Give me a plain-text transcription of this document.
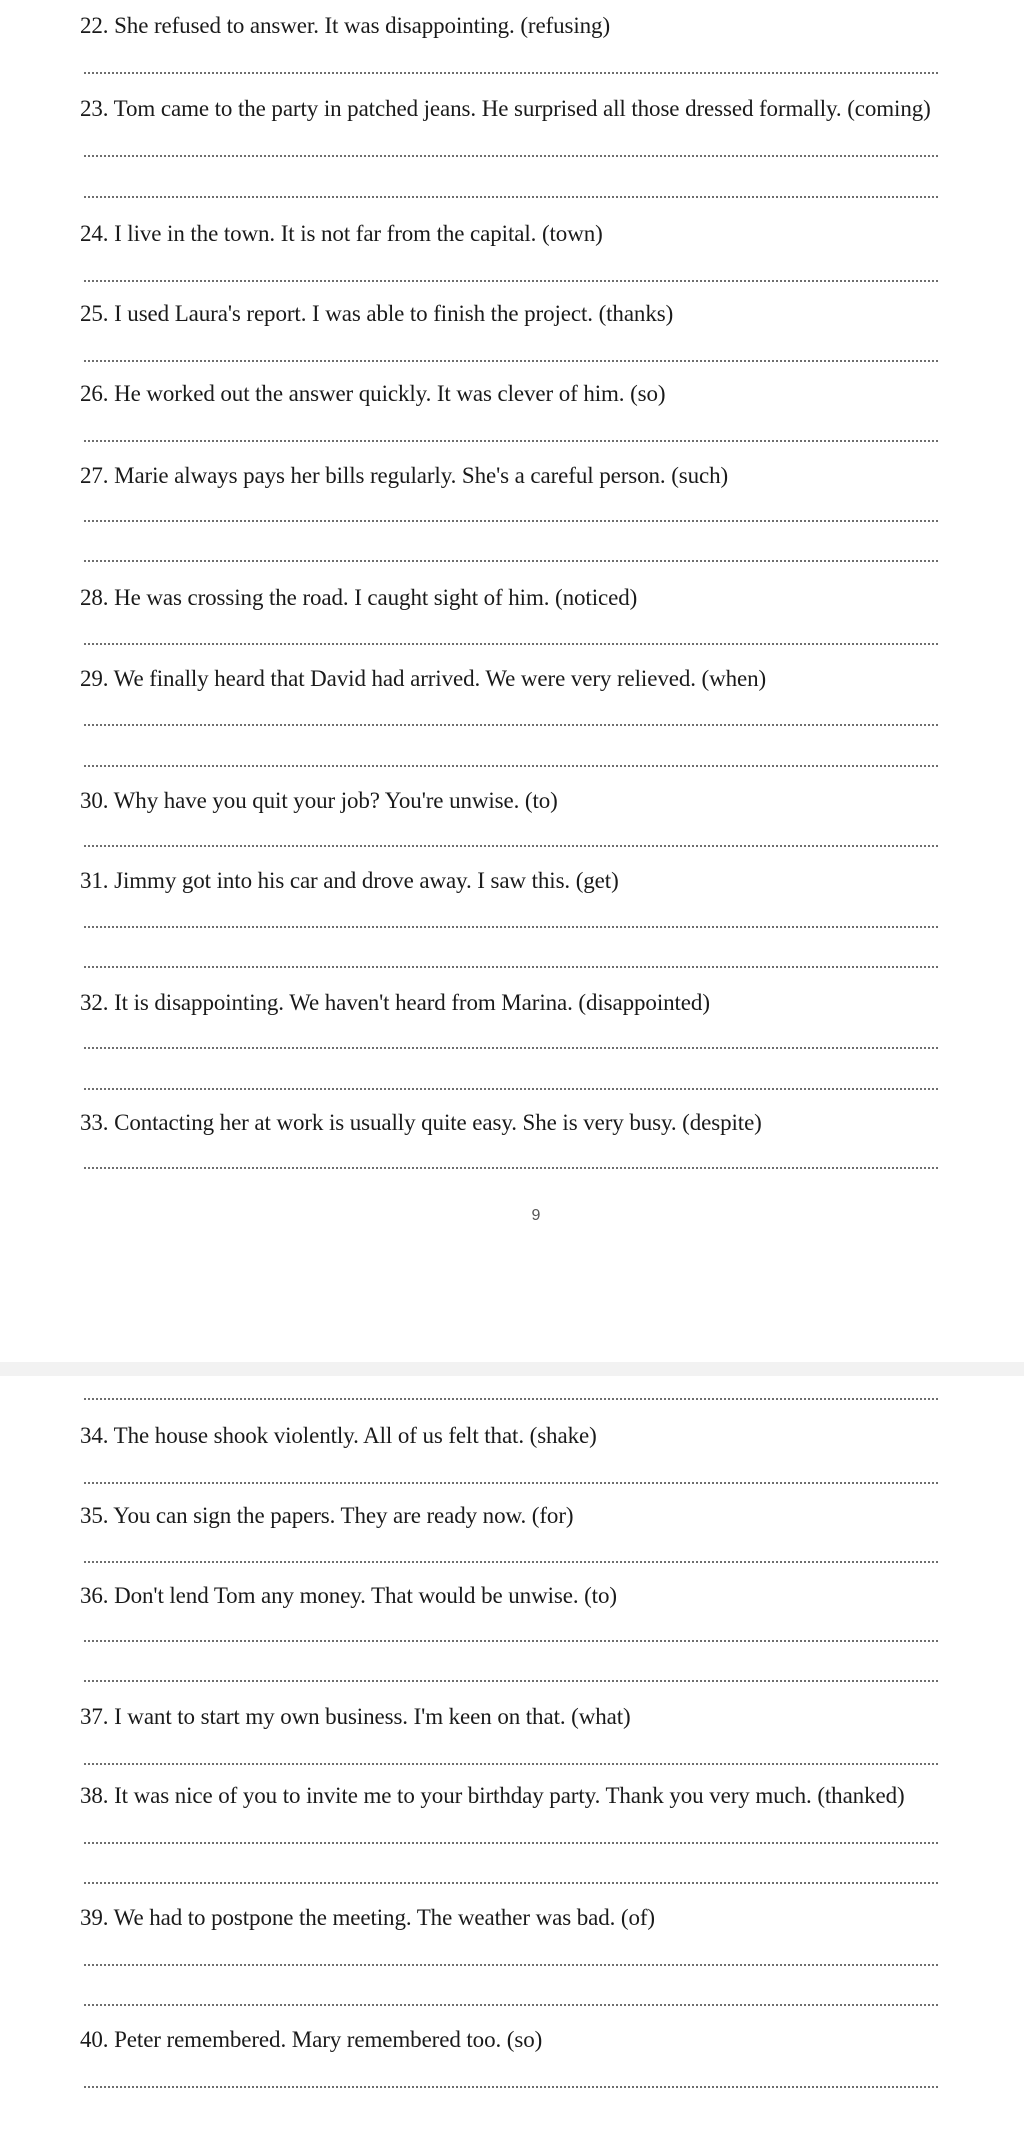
22. She refused to answer. It was disappointing. (refusing)
23. Tom came to the party in patched jeans. He surprised all those dressed formally. (coming)
24. I live in the town. It is not far from the capital. (town)
25. I used Laura's report. I was able to finish the project. (thanks)
26. He worked out the answer quickly. It was clever of him. (so)
27. Marie always pays her bills regularly. She's a careful person. (such)
28. He was crossing the road. I caught sight of him. (noticed)
29. We finally heard that David had arrived. We were very relieved. (when)
30. Why have you quit your job? You're unwise. (to)
31. Jimmy got into his car and drove away. I saw this. (get)
32. It is disappointing. We haven't heard from Marina. (disappointed)
33. Contacting her at work is usually quite easy. She is very busy. (despite)
9
34. The house shook violently. All of us felt that. (shake)
35. You can sign the papers. They are ready now. (for)
36. Don't lend Tom any money. That would be unwise. (to)
37. I want to start my own business. I'm keen on that. (what)
38. It was nice of you to invite me to your birthday party. Thank you very much. (thanked)
39. We had to postpone the meeting. The weather was bad. (of)
40. Peter remembered. Mary remembered too. (so)
